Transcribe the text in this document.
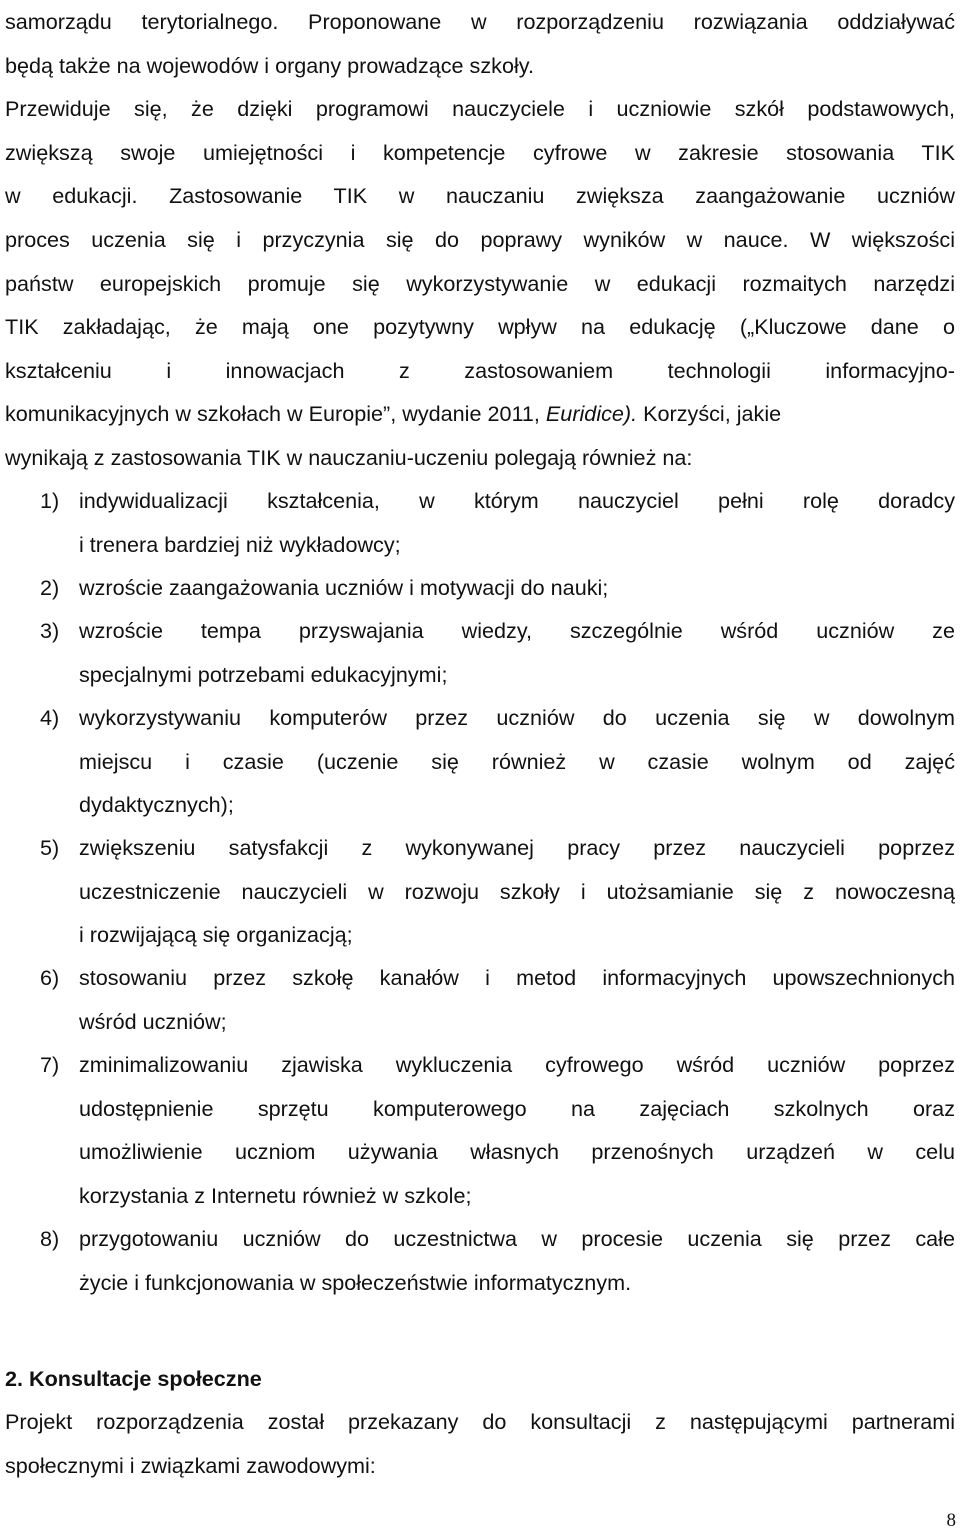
samorządu terytorialnego. Proponowane w rozporządzeniu rozwiązania oddziaływać
będą także na wojewodów i organy prowadzące szkoły.
Przewiduje się, że dzięki programowi nauczyciele i uczniowie szkół podstawowych,
zwiększą swoje umiejętności i kompetencje cyfrowe w zakresie stosowania TIK
w edukacji. Zastosowanie TIK w nauczaniu zwiększa zaangażowanie uczniów
proces uczenia się i przyczynia się do poprawy wyników w nauce. W większości
państw europejskich promuje się wykorzystywanie w edukacji rozmaitych narzędzi
TIK zakładając, że mają one pozytywny wpływ na edukację („Kluczowe dane o
kształceniu i innowacjach z zastosowaniem technologii informacyjno-
komunikacyjnych w szkołach w Europie”, wydanie 2011, Euridice). Korzyści, jakie
wynikają z zastosowania TIK w nauczaniu-uczeniu polegają również na:
1) indywidualizacji kształcenia, w którym nauczyciel pełni rolę doradcy
i trenera bardziej niż wykładowcy;
2) wzroście zaangażowania uczniów i motywacji do nauki;
3) wzroście tempa przyswajania wiedzy, szczególnie wśród uczniów ze
specjalnymi potrzebami edukacyjnymi;
4) wykorzystywaniu komputerów przez uczniów do uczenia się w dowolnym
miejscu i czasie (uczenie się również w czasie wolnym od zajęć
dydaktycznych);
5) zwiększeniu satysfakcji z wykonywanej pracy przez nauczycieli poprzez
uczestniczenie nauczycieli w rozwoju szkoły i utożsamianie się z nowoczesną
i rozwijającą się organizacją;
6) stosowaniu przez szkołę kanałów i metod informacyjnych upowszechnionych
wśród uczniów;
7) zminimalizowaniu zjawiska wykluczenia cyfrowego wśród uczniów poprzez
udostępnienie sprzętu komputerowego na zajęciach szkolnych oraz
umożliwienie uczniom używania własnych przenośnych urządzeń w celu
korzystania z Internetu również w szkole;
8) przygotowaniu uczniów do uczestnictwa w procesie uczenia się przez całe
życie i funkcjonowania w społeczeństwie informatycznym.
2. Konsultacje społeczne
Projekt rozporządzenia został przekazany do konsultacji z następującymi partnerami
społecznymi i związkami zawodowymi:
8
